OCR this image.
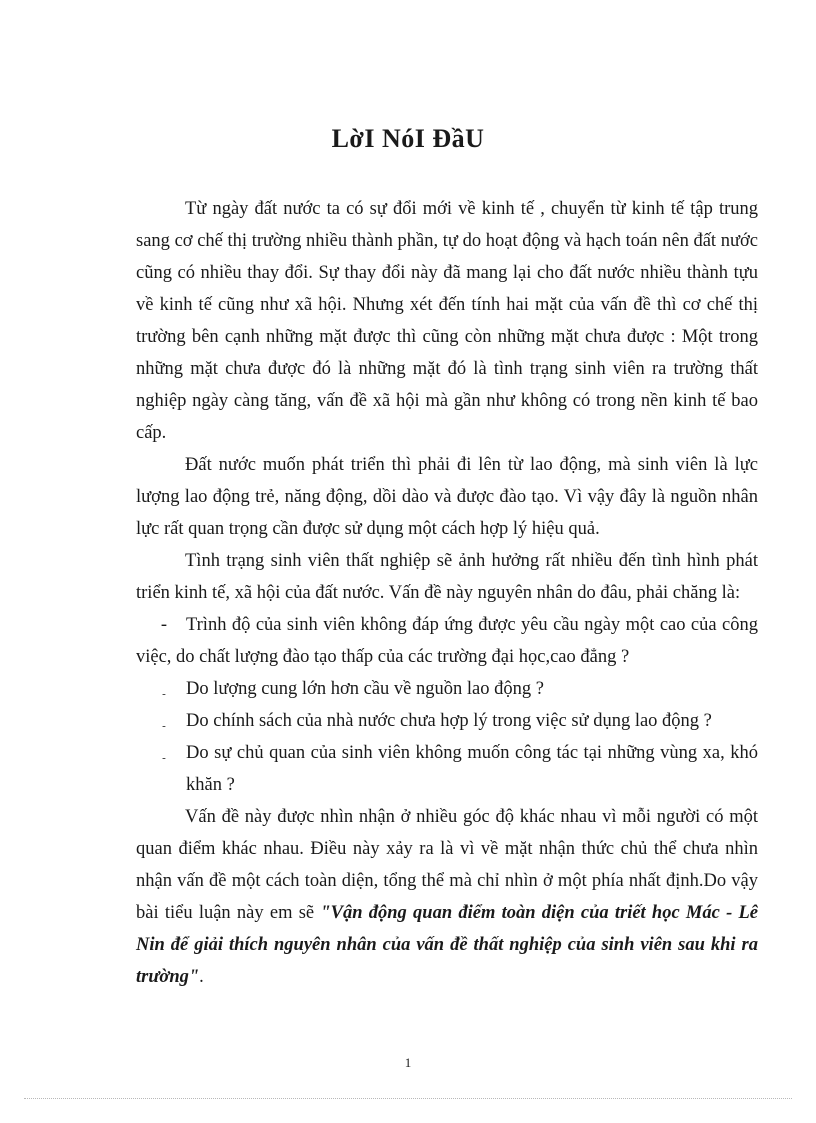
LờI NóI ĐầU

Từ ngày đất nước ta có sự đổi mới về kinh tế , chuyển từ kinh tế tập trung sang cơ chế thị trường nhiều thành phần, tự do hoạt động và hạch toán nên đất nước cũng có nhiều thay đổi. Sự thay đổi này đã mang lại cho đất nước nhiều thành tựu về kinh tế cũng như xã hội. Nhưng xét đến tính hai mặt của vấn đề thì cơ chế thị trường bên cạnh những mặt được thì cũng còn những mặt chưa được : Một trong những mặt chưa được đó là những mặt đó là tình trạng sinh viên ra trường thất nghiệp ngày càng tăng, vấn đề xã hội mà gần như không có trong nền kinh tế bao cấp.

Đất nước muốn phát triển thì phải đi lên từ lao động, mà sinh viên là lực lượng lao động trẻ, năng động, dồi dào và được đào tạo. Vì vậy đây là nguồn nhân lực rất quan trọng cần được sử dụng một cách hợp lý hiệu quả.

Tình trạng sinh viên thất nghiệp sẽ ảnh hưởng rất nhiều đến tình hình phát triển kinh tế, xã hội của đất nước. Vấn đề này nguyên nhân do đâu, phải chăng là:

- Trình độ của sinh viên không đáp ứng được yêu cầu ngày một cao của công việc, do chất lượng đào tạo thấp của các trường đại học,cao đẳng ?

- Do lượng cung lớn hơn cầu về nguồn lao động ?

- Do chính sách của nhà nước chưa hợp lý trong việc sử dụng lao động ?

- Do sự chủ quan của sinh viên không muốn công tác tại những vùng xa, khó khăn ?

Vấn đề này được nhìn nhận ở nhiều góc độ khác nhau vì mỗi người có một quan điểm khác nhau. Điều này xảy ra là vì về mặt nhận thức chủ thể chưa nhìn nhận vấn đề một cách toàn diện, tổng thể mà chỉ nhìn ở một phía nhất định.Do vậy bài tiểu luận này em sẽ "Vận động quan điểm toàn diện của triết học Mác - Lê Nin để giải thích nguyên nhân của vấn đề thất nghiệp của sinh viên sau khi ra trường".

1
